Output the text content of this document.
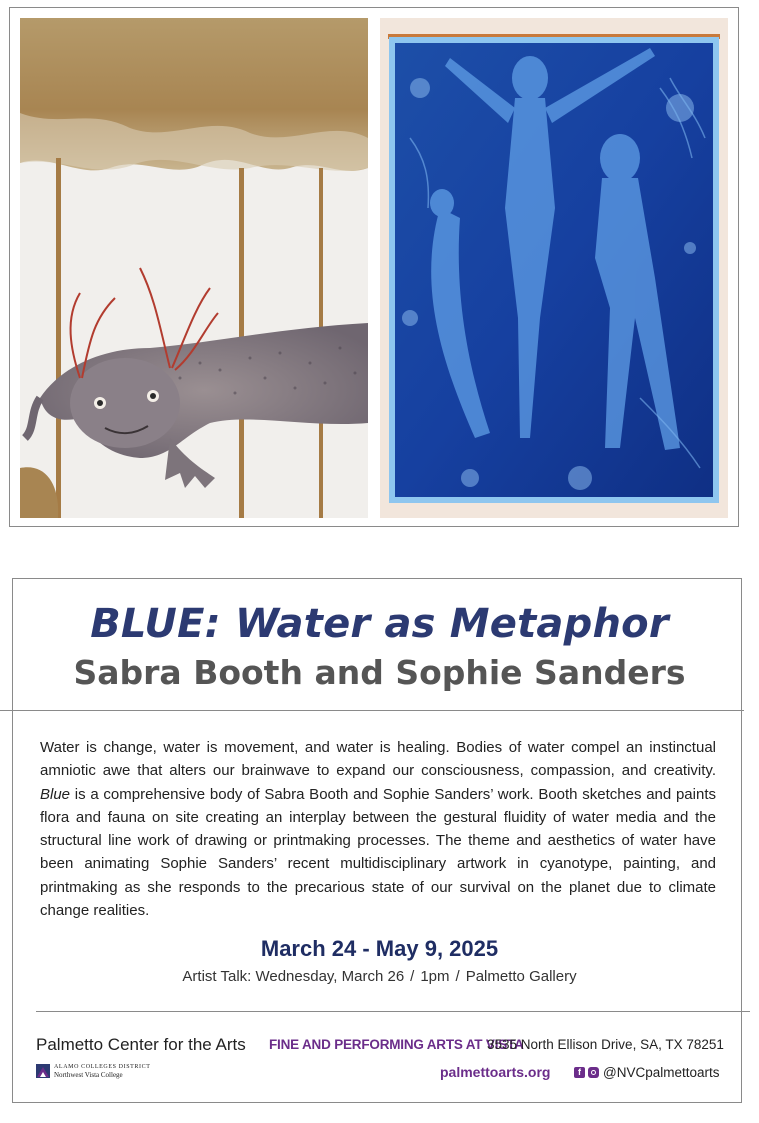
BLUE: Water as Metaphor
Sabra Booth and Sophie Sanders

Water is change, water is movement, and water is healing. Bodies of water compel an instinctual amniotic awe that alters our brainwave to expand our consciousness, compassion, and creativity. Blue is a comprehensive body of Sabra Booth and Sophie Sanders’ work. Booth sketches and paints flora and fauna on site creating an interplay between the gestural fluidity of water media and the structural line work of drawing or printmaking processes. The theme and aesthetics of water have been animating Sophie Sanders’ recent multidisciplinary artwork in cyanotype, painting, and printmaking as she responds to the precarious state of our survival on the planet due to climate change realities.

March 24 - May 9, 2025

Artist Talk: Wednesday, March 26 / 1pm / Palmetto Gallery

Palmetto Center for the Arts FINE AND PERFORMING ARTS AT VISTA

3535 North Ellison Drive, SA, TX 78251

ALAMO COLLEGES DISTRICT
Northwest Vista College	palmettoarts.org	f @NVCpalmettoarts
